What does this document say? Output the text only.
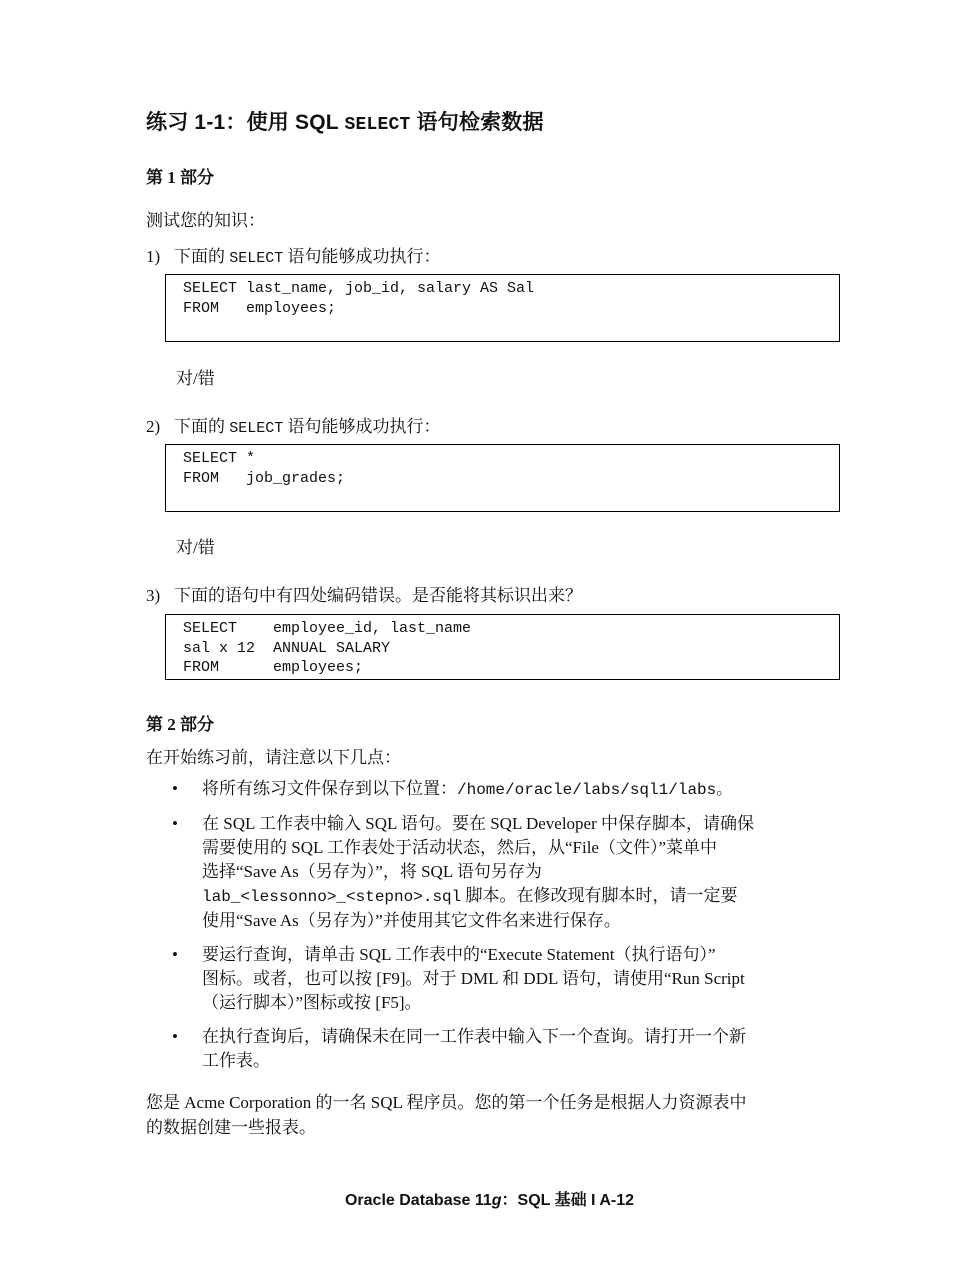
练习 1-1：使用 SQL SELECT 语句检索数据
第 1 部分
测试您的知识：
1) 下面的 SELECT 语句能够成功执行：
SELECT last_name, job_id, salary AS Sal
FROM   employees;
对/错
2) 下面的 SELECT 语句能够成功执行：
SELECT *
FROM   job_grades;
对/错
3) 下面的语句中有四处编码错误。是否能将其标识出来？
SELECT    employee_id, last_name
sal x 12  ANNUAL SALARY
FROM      employees;
第 2 部分
在开始练习前，请注意以下几点：
• 将所有练习文件保存到以下位置：/home/oracle/labs/sql1/labs。
• 在 SQL 工作表中输入 SQL 语句。要在 SQL Developer 中保存脚本，请确保
需要使用的 SQL 工作表处于活动状态，然后，从“File（文件）”菜单中
选择“Save As（另存为）”，将 SQL 语句另存为
lab_<lessonno>_<stepno>.sql 脚本。在修改现有脚本时，请一定要
使用“Save As（另存为）”并使用其它文件名来进行保存。
• 要运行查询，请单击 SQL 工作表中的“Execute Statement（执行语句）”
图标。或者，也可以按 [F9]。对于 DML 和 DDL 语句，请使用“Run Script
（运行脚本）”图标或按 [F5]。
• 在执行查询后，请确保未在同一工作表中输入下一个查询。请打开一个新
工作表。
您是 Acme Corporation 的一名 SQL 程序员。您的第一个任务是根据人力资源表中
的数据创建一些报表。
Oracle Database 11g：SQL 基础 I A-12
